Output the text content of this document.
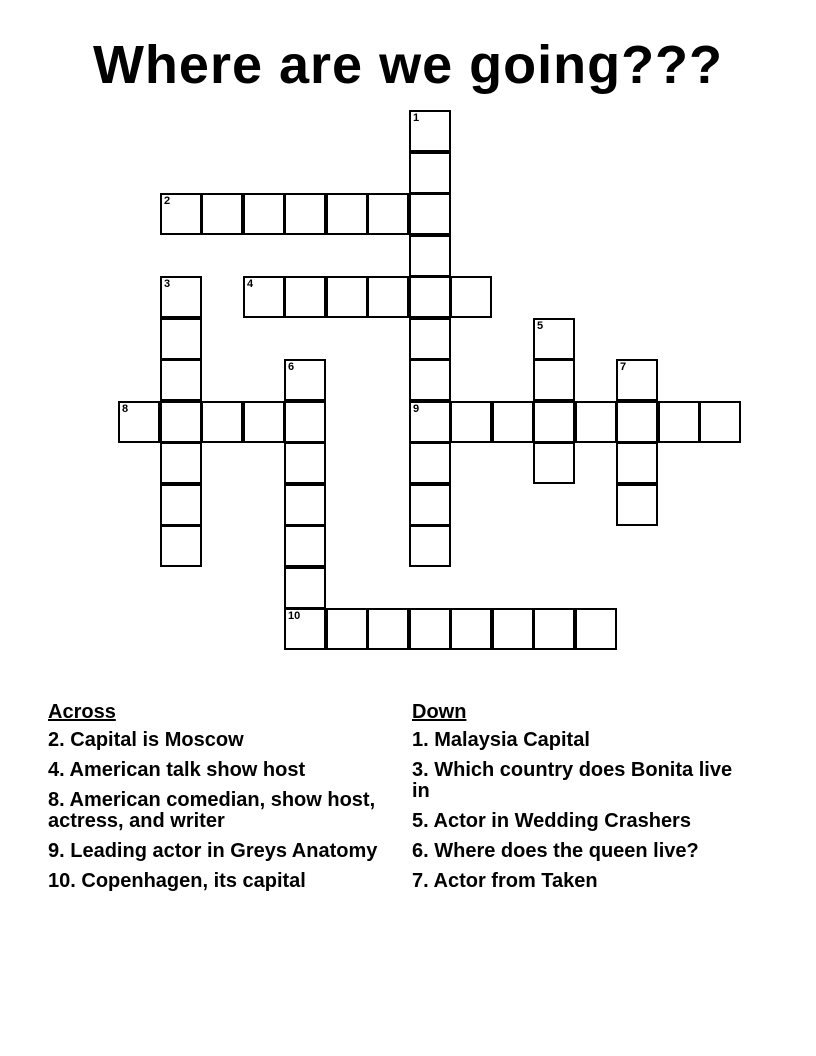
Where are we going???
1
2
3	4
5
6	7
8	9
10
Across
2. Capital is Moscow
4. American talk show host
8. American comedian, show host, actress, and writer
9. Leading actor in Greys Anatomy
10. Copenhagen, its capital
Down
1. Malaysia Capital
3. Which country does Bonita live in
5. Actor in Wedding Crashers
6. Where does the queen live?
7. Actor from Taken
